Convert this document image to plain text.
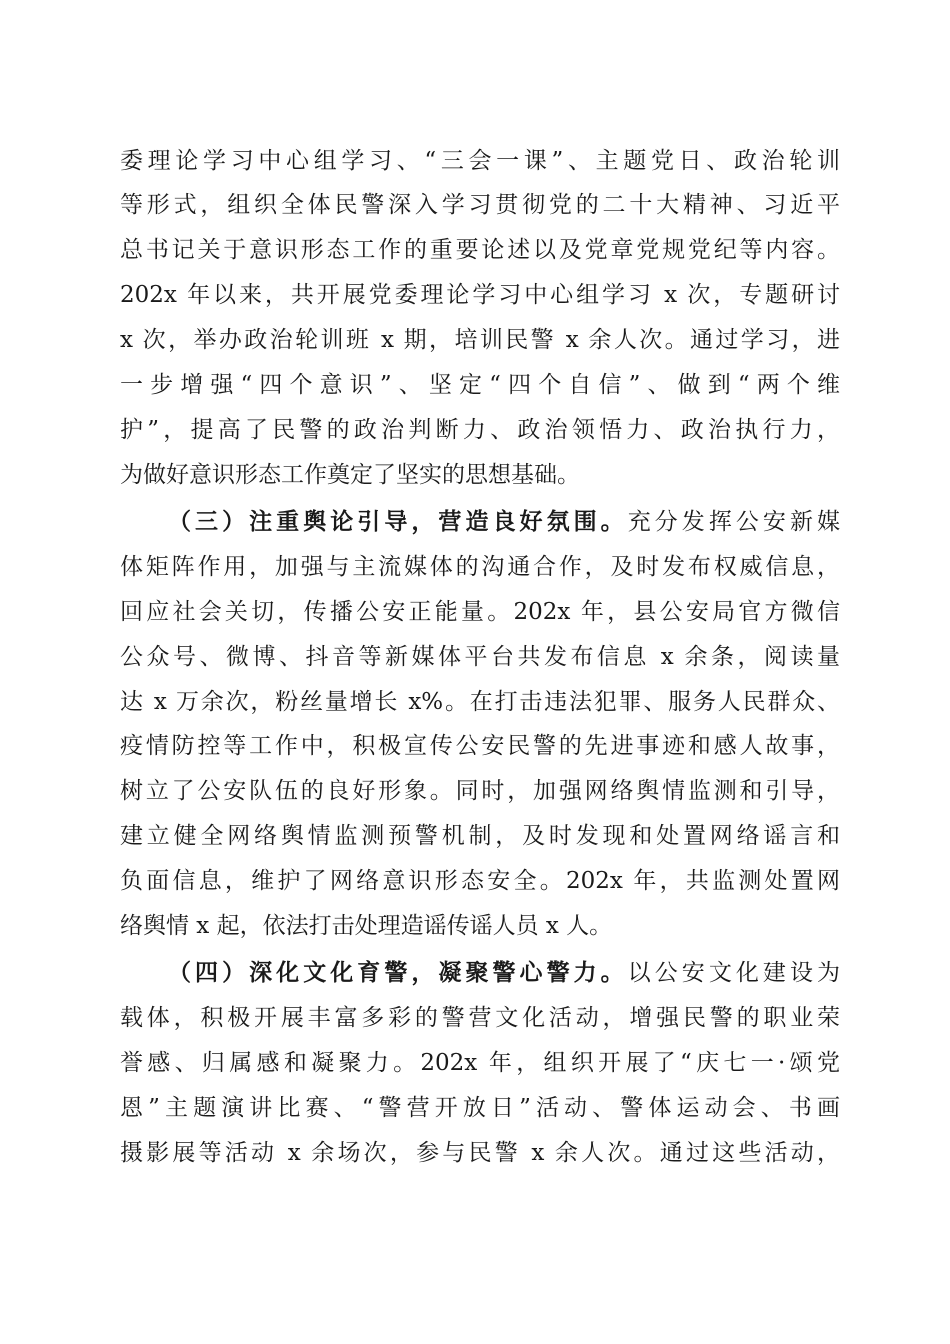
委理论学习中心组学习、“三会一课”、主题党日、政治轮训
等形式，组织全体民警深入学习贯彻党的二十大精神、习近平
总书记关于意识形态工作的重要论述以及党章党规党纪等内容。
202x 年以来，共开展党委理论学习中心组学习 x 次，专题研讨
x 次，举办政治轮训班 x 期，培训民警 x 余人次。通过学习，进
一步增强“四个意识”、坚定“四个自信”、做到“两个维
护”，提高了民警的政治判断力、政治领悟力、政治执行力，
为做好意识形态工作奠定了坚实的思想基础。
（三）注重舆论引导，营造良好氛围。充分发挥公安新媒
体矩阵作用，加强与主流媒体的沟通合作，及时发布权威信息，
回应社会关切，传播公安正能量。202x 年，县公安局官方微信
公众号、微博、抖音等新媒体平台共发布信息 x 余条，阅读量
达 x 万余次，粉丝量增长 x%。在打击违法犯罪、服务人民群众、
疫情防控等工作中，积极宣传公安民警的先进事迹和感人故事，
树立了公安队伍的良好形象。同时，加强网络舆情监测和引导，
建立健全网络舆情监测预警机制，及时发现和处置网络谣言和
负面信息，维护了网络意识形态安全。202x 年，共监测处置网
络舆情 x 起，依法打击处理造谣传谣人员 x 人。
（四）深化文化育警，凝聚警心警力。以公安文化建设为
载体，积极开展丰富多彩的警营文化活动，增强民警的职业荣
誉感、归属感和凝聚力。202x 年，组织开展了“庆七一·颂党
恩”主题演讲比赛、“警营开放日”活动、警体运动会、书画
摄影展等活动 x 余场次，参与民警 x 余人次。通过这些活动，
